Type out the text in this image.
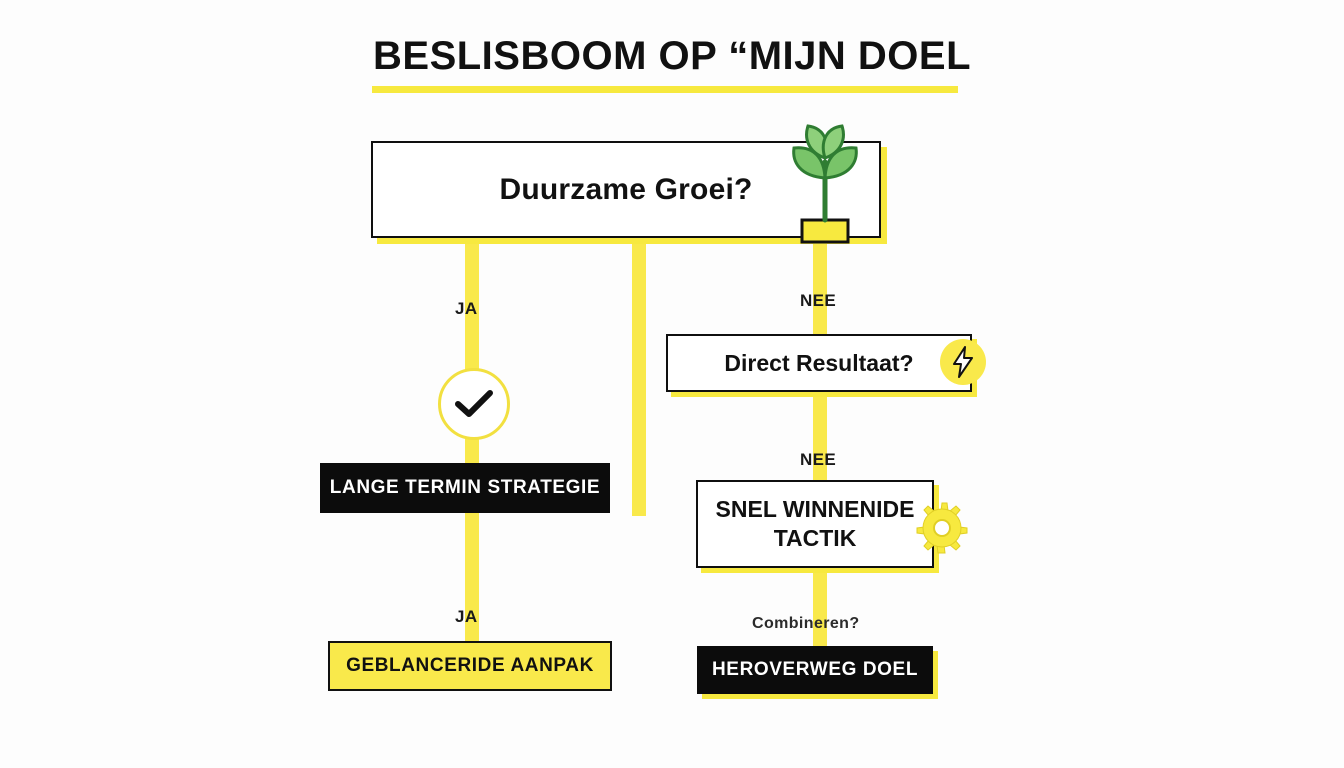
BESLISBOOM OP “MIJN DOEL
JA	NEE
NEE
JA	Combineren?
Duurzame Groei?
LANGE TERMIN STRATEGIE
GEBLANCERIDE AANPAK
Direct Resultaat?
SNEL WINNENIDE TACTIK
HEROVERWEG DOEL
